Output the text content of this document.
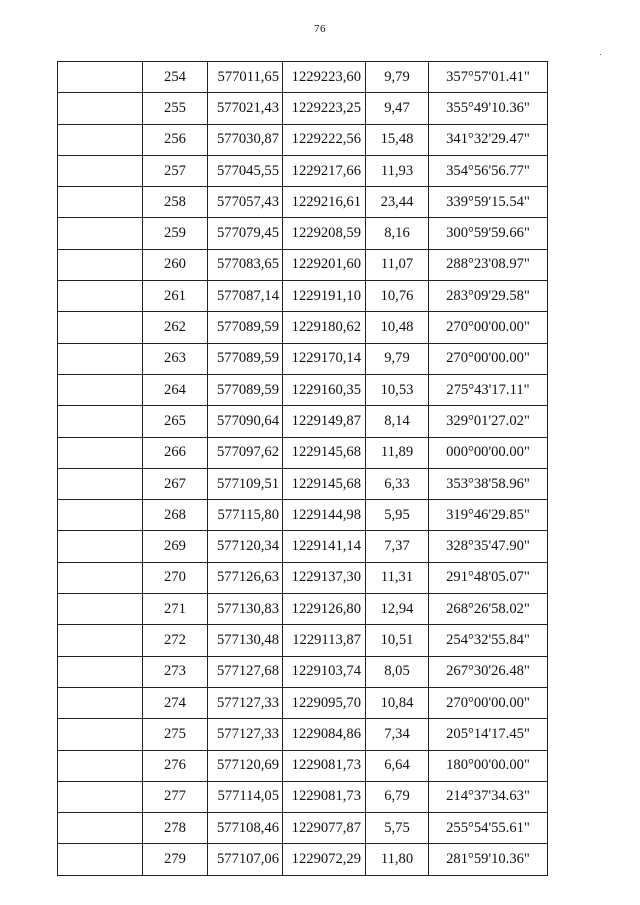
76
	254	577011,65	1229223,60	9,79	357°57'01.41"
	255	577021,43	1229223,25	9,47	355°49'10.36"
	256	577030,87	1229222,56	15,48	341°32'29.47"
	257	577045,55	1229217,66	11,93	354°56'56.77"
	258	577057,43	1229216,61	23,44	339°59'15.54"
	259	577079,45	1229208,59	8,16	300°59'59.66"
	260	577083,65	1229201,60	11,07	288°23'08.97"
	261	577087,14	1229191,10	10,76	283°09'29.58"
	262	577089,59	1229180,62	10,48	270°00'00.00"
	263	577089,59	1229170,14	9,79	270°00'00.00"
	264	577089,59	1229160,35	10,53	275°43'17.11"
	265	577090,64	1229149,87	8,14	329°01'27.02"
	266	577097,62	1229145,68	11,89	000°00'00.00"
	267	577109,51	1229145,68	6,33	353°38'58.96"
	268	577115,80	1229144,98	5,95	319°46'29.85"
	269	577120,34	1229141,14	7,37	328°35'47.90"
	270	577126,63	1229137,30	11,31	291°48'05.07"
	271	577130,83	1229126,80	12,94	268°26'58.02"
	272	577130,48	1229113,87	10,51	254°32'55.84"
	273	577127,68	1229103,74	8,05	267°30'26.48"
	274	577127,33	1229095,70	10,84	270°00'00.00"
	275	577127,33	1229084,86	7,34	205°14'17.45"
	276	577120,69	1229081,73	6,64	180°00'00.00"
	277	577114,05	1229081,73	6,79	214°37'34.63"
	278	577108,46	1229077,87	5,75	255°54'55.61"
	279	577107,06	1229072,29	11,80	281°59'10.36"
